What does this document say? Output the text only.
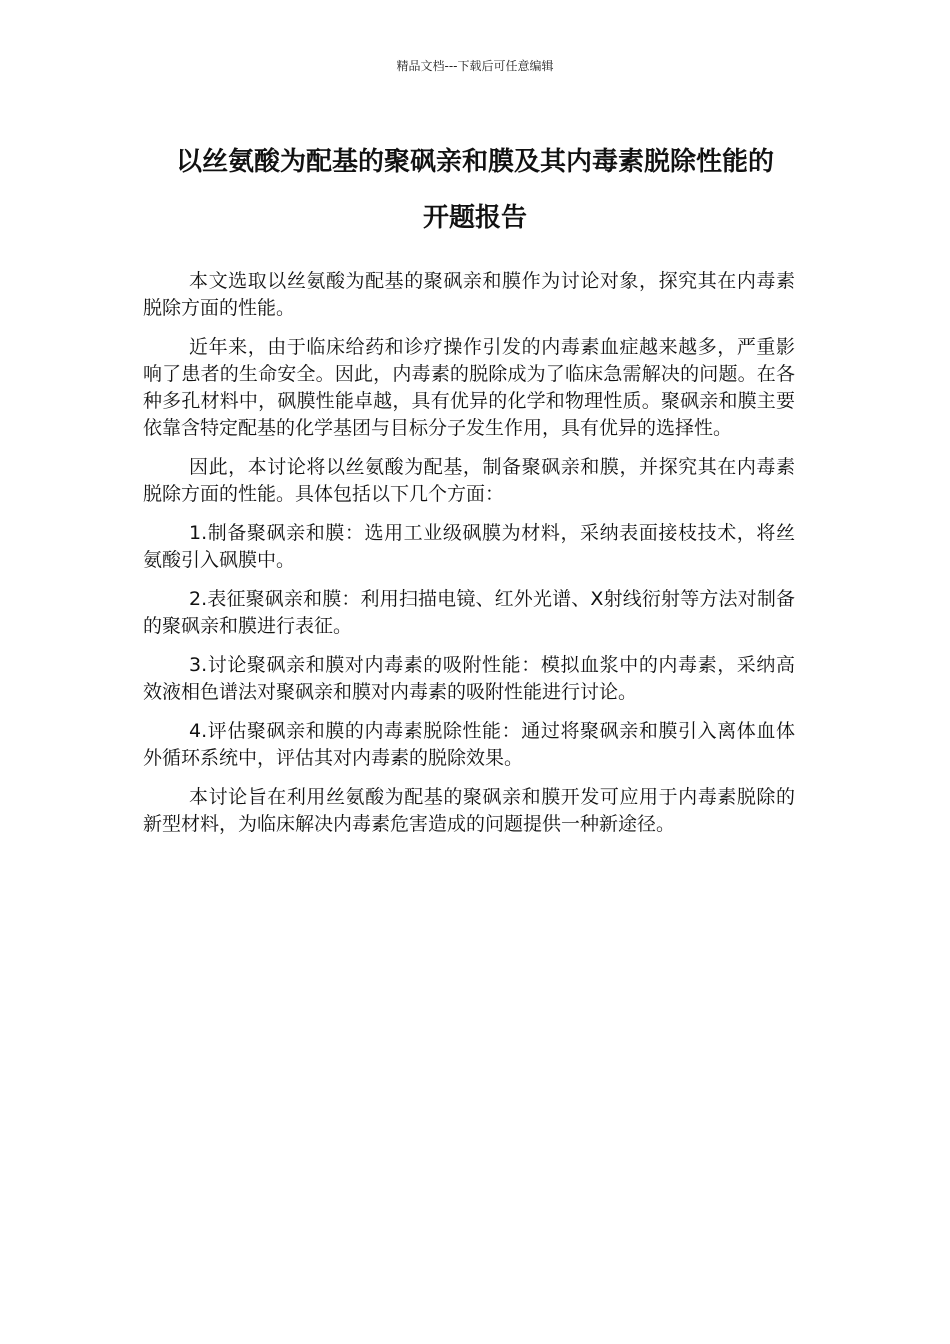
精品文档---下载后可任意编辑
以丝氨酸为配基的聚砜亲和膜及其内毒素脱除性能的
开题报告

本文选取以丝氨酸为配基的聚砜亲和膜作为讨论对象，探究其在内毒素脱除方面的性能。

近年来，由于临床给药和诊疗操作引发的内毒素血症越来越多，严重影响了患者的生命安全。因此，内毒素的脱除成为了临床急需解决的问题。在各种多孔材料中，砜膜性能卓越，具有优异的化学和物理性质。聚砜亲和膜主要依靠含特定配基的化学基团与目标分子发生作用，具有优异的选择性。

因此，本讨论将以丝氨酸为配基，制备聚砜亲和膜，并探究其在内毒素脱除方面的性能。具体包括以下几个方面：

1.制备聚砜亲和膜：选用工业级砜膜为材料，采纳表面接枝技术，将丝氨酸引入砜膜中。

2.表征聚砜亲和膜：利用扫描电镜、红外光谱、X射线衍射等方法对制备的聚砜亲和膜进行表征。

3.讨论聚砜亲和膜对内毒素的吸附性能：模拟血浆中的内毒素，采纳高效液相色谱法对聚砜亲和膜对内毒素的吸附性能进行讨论。

4.评估聚砜亲和膜的内毒素脱除性能：通过将聚砜亲和膜引入离体血体外循环系统中，评估其对内毒素的脱除效果。

本讨论旨在利用丝氨酸为配基的聚砜亲和膜开发可应用于内毒素脱除的新型材料，为临床解决内毒素危害造成的问题提供一种新途径。
